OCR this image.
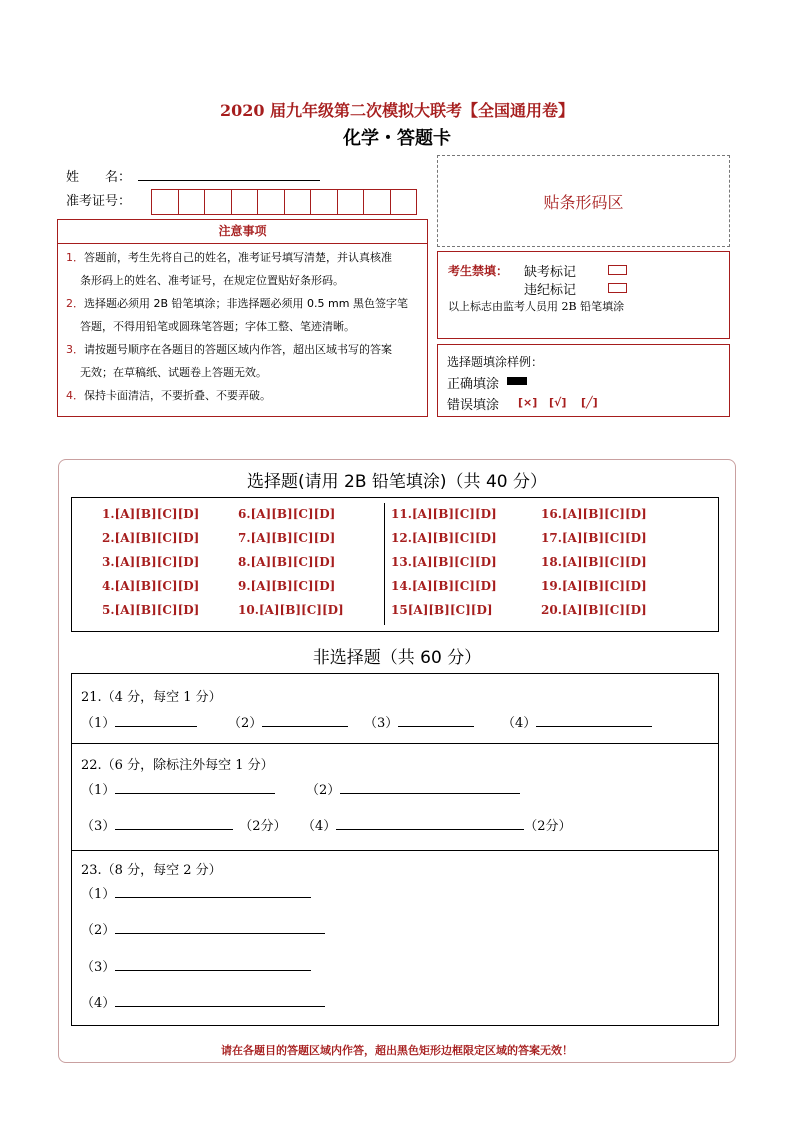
2020 届九年级第二次模拟大联考【全国通用卷】
化学・答题卡
姓　　名：
准考证号：	贴条形码区
注意事项
1．答题前，考生先将自己的姓名，准考证号填写清楚，并认真核准
条形码上的姓名、准考证号，在规定位置贴好条形码。
2．选择题必须用 2B 铅笔填涂；非选择题必须用 0.5 mm 黑色签字笔
答题，不得用铅笔或圆珠笔答题；字体工整、笔迹清晰。
3．请按题号顺序在各题目的答题区域内作答，超出区域书写的答案
无效；在草稿纸、试题卷上答题无效。
4．保持卡面清洁，不要折叠、不要弄破。
考生禁填： 缺考标记
违纪标记
以上标志由监考人员用 2B 铅笔填涂
选择题填涂样例：
正确填涂
错误填涂 [×] [√] [╱]
选择题(请用 2B 铅笔填涂)（共 40 分）
1.[A][B][C][D]	6.[A][B][C][D]	11.[A][B][C][D]	16.[A][B][C][D]
2.[A][B][C][D]	7.[A][B][C][D]	12.[A][B][C][D]	17.[A][B][C][D]
3.[A][B][C][D]	8.[A][B][C][D]	13.[A][B][C][D]	18.[A][B][C][D]
4.[A][B][C][D]	9.[A][B][C][D]	14.[A][B][C][D]	19.[A][B][C][D]
5.[A][B][C][D]	10.[A][B][C][D]	15[A][B][C][D]	20.[A][B][C][D]
非选择题（共 60 分）
21.（4 分，每空 1 分）
（1）	（2）	（3）	（4）
22.（6 分，除标注外每空 1 分）
（1）	（2）
（3）	（2分） （4）	（2分）
23.（8 分，每空 2 分）
（1）
（2）
（3）
（4）
请在各题目的答题区域内作答，超出黑色矩形边框限定区域的答案无效！
